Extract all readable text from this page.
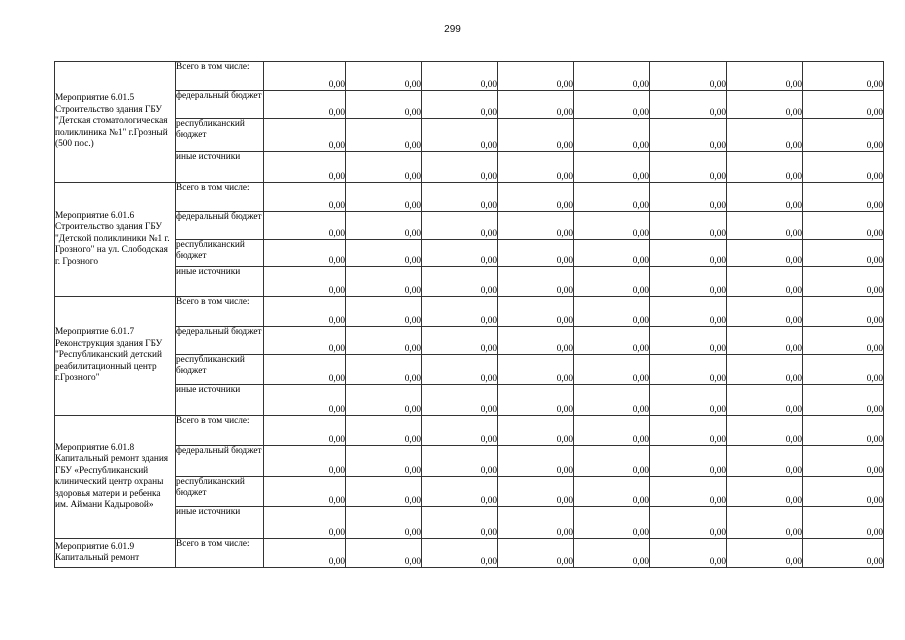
299
Мероприятие 6.01.5 Строительство здания ГБУ "Детская стоматологическая поликлиника №1" г.Грозный (500 пос.)	Всего в том числе:	0,00	0,00	0,00	0,00	0,00	0,00	0,00	0,00
	федеральный бюджет	0,00	0,00	0,00	0,00	0,00	0,00	0,00	0,00
	республиканский бюджет	0,00	0,00	0,00	0,00	0,00	0,00	0,00	0,00
	иные источники	0,00	0,00	0,00	0,00	0,00	0,00	0,00	0,00
Мероприятие 6.01.6 Строительство здания ГБУ "Детской поликлиники №1 г. Грозного" на ул. Слободская г. Грозного	Всего в том числе:	0,00	0,00	0,00	0,00	0,00	0,00	0,00	0,00
	федеральный бюджет	0,00	0,00	0,00	0,00	0,00	0,00	0,00	0,00
	республиканский бюджет	0,00	0,00	0,00	0,00	0,00	0,00	0,00	0,00
	иные источники	0,00	0,00	0,00	0,00	0,00	0,00	0,00	0,00
Мероприятие 6.01.7 Реконструкция здания ГБУ "Республиканский детский реабилитационный центр г.Грозного"	Всего в том числе:	0,00	0,00	0,00	0,00	0,00	0,00	0,00	0,00
	федеральный бюджет	0,00	0,00	0,00	0,00	0,00	0,00	0,00	0,00
	республиканский бюджет	0,00	0,00	0,00	0,00	0,00	0,00	0,00	0,00
	иные источники	0,00	0,00	0,00	0,00	0,00	0,00	0,00	0,00
Мероприятие 6.01.8 Капитальный ремонт здания ГБУ «Республиканский клинический центр охраны здоровья матери и ребенка им. Аймани Кадыровой»	Всего в том числе:	0,00	0,00	0,00	0,00	0,00	0,00	0,00	0,00
	федеральный бюджет	0,00	0,00	0,00	0,00	0,00	0,00	0,00	0,00
	республиканский бюджет	0,00	0,00	0,00	0,00	0,00	0,00	0,00	0,00
	иные источники	0,00	0,00	0,00	0,00	0,00	0,00	0,00	0,00
Мероприятие 6.01.9 Капитальный ремонт	Всего в том числе:	0,00	0,00	0,00	0,00	0,00	0,00	0,00	0,00
